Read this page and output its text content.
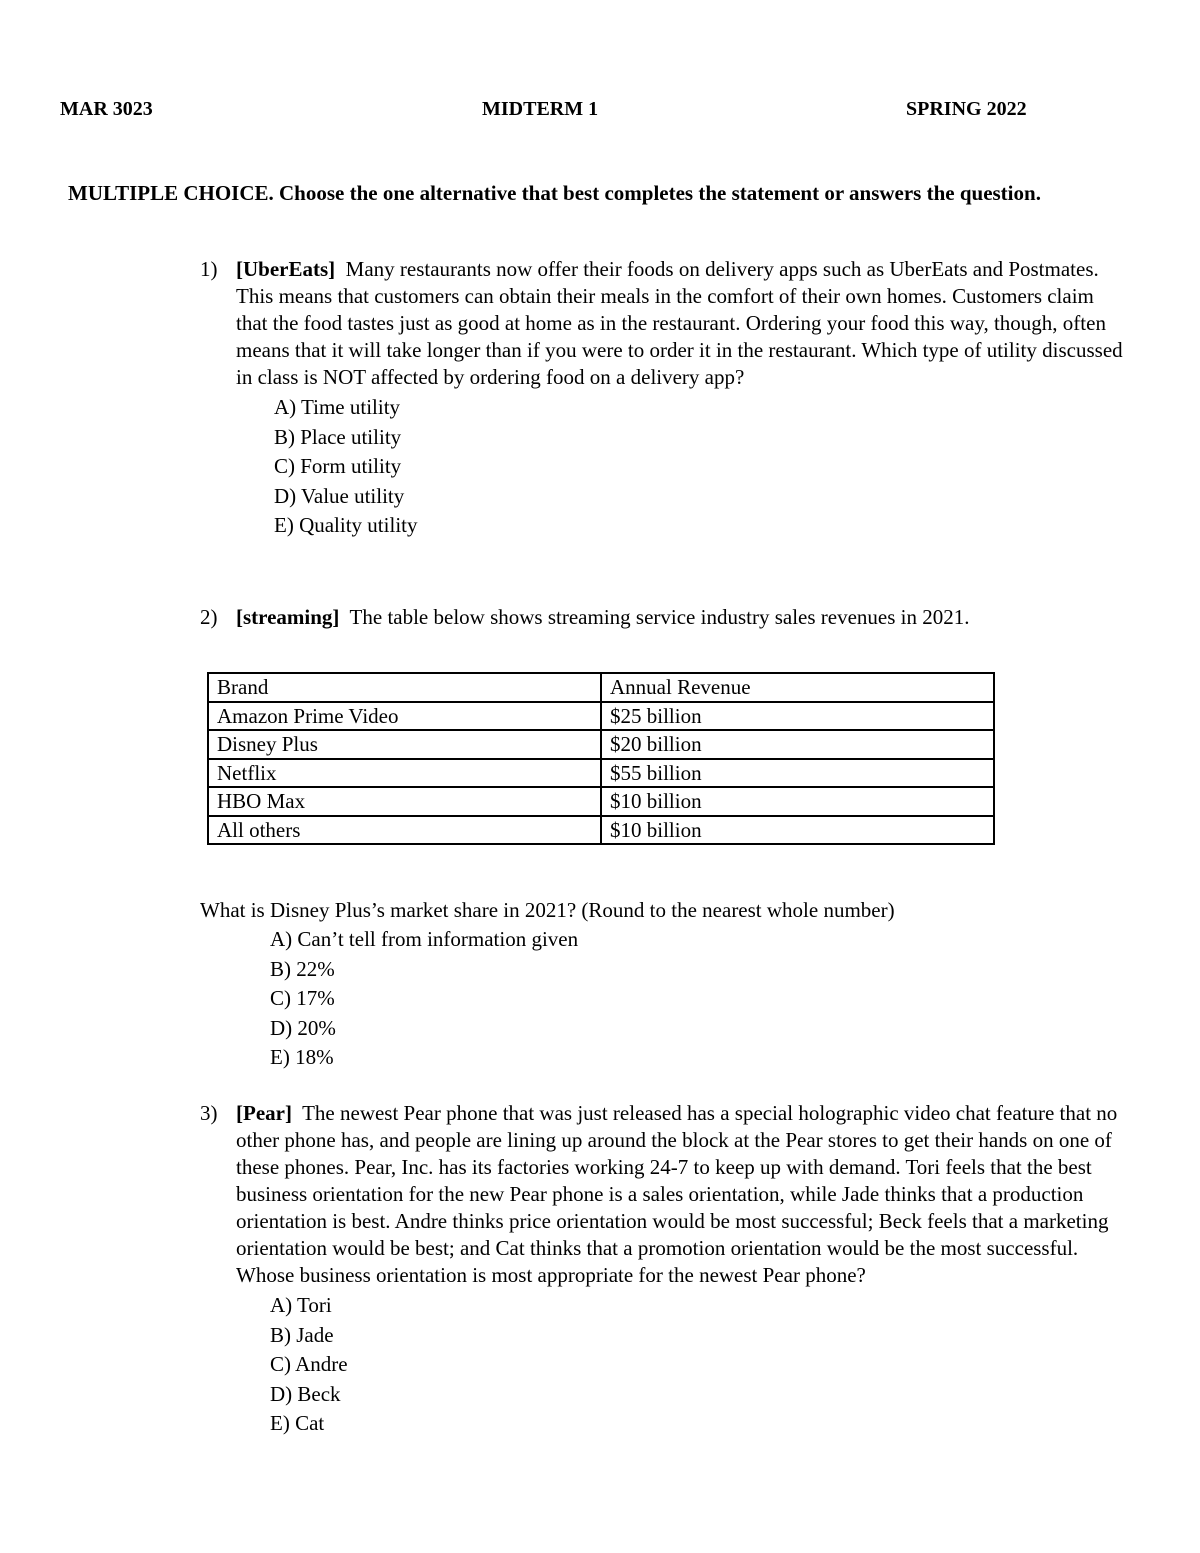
MAR 3023	MIDTERM 1	SPRING 2022
MULTIPLE CHOICE. Choose the one alternative that best completes the statement or answers the question.
1) [UberEats] Many restaurants now offer their foods on delivery apps such as UberEats and Postmates. This means that customers can obtain their meals in the comfort of their own homes. Customers claim that the food tastes just as good at home as in the restaurant. Ordering your food this way, though, often means that it will take longer than if you were to order it in the restaurant. Which type of utility discussed in class is NOT affected by ordering food on a delivery app?
A) Time utility
B) Place utility
C) Form utility
D) Value utility
E) Quality utility
2) [streaming] The table below shows streaming service industry sales revenues in 2021.
Brand	Annual Revenue
Amazon Prime Video	$25 billion
Disney Plus	$20 billion
Netflix	$55 billion
HBO Max	$10 billion
All others	$10 billion
What is Disney Plus’s market share in 2021? (Round to the nearest whole number)
A) Can’t tell from information given
B) 22%
C) 17%
D) 20%
E) 18%
3) [Pear] The newest Pear phone that was just released has a special holographic video chat feature that no other phone has, and people are lining up around the block at the Pear stores to get their hands on one of these phones. Pear, Inc. has its factories working 24-7 to keep up with demand. Tori feels that the best business orientation for the new Pear phone is a sales orientation, while Jade thinks that a production orientation is best. Andre thinks price orientation would be most successful; Beck feels that a marketing orientation would be best; and Cat thinks that a promotion orientation would be the most successful. Whose business orientation is most appropriate for the newest Pear phone?
A) Tori
B) Jade
C) Andre
D) Beck
E) Cat
